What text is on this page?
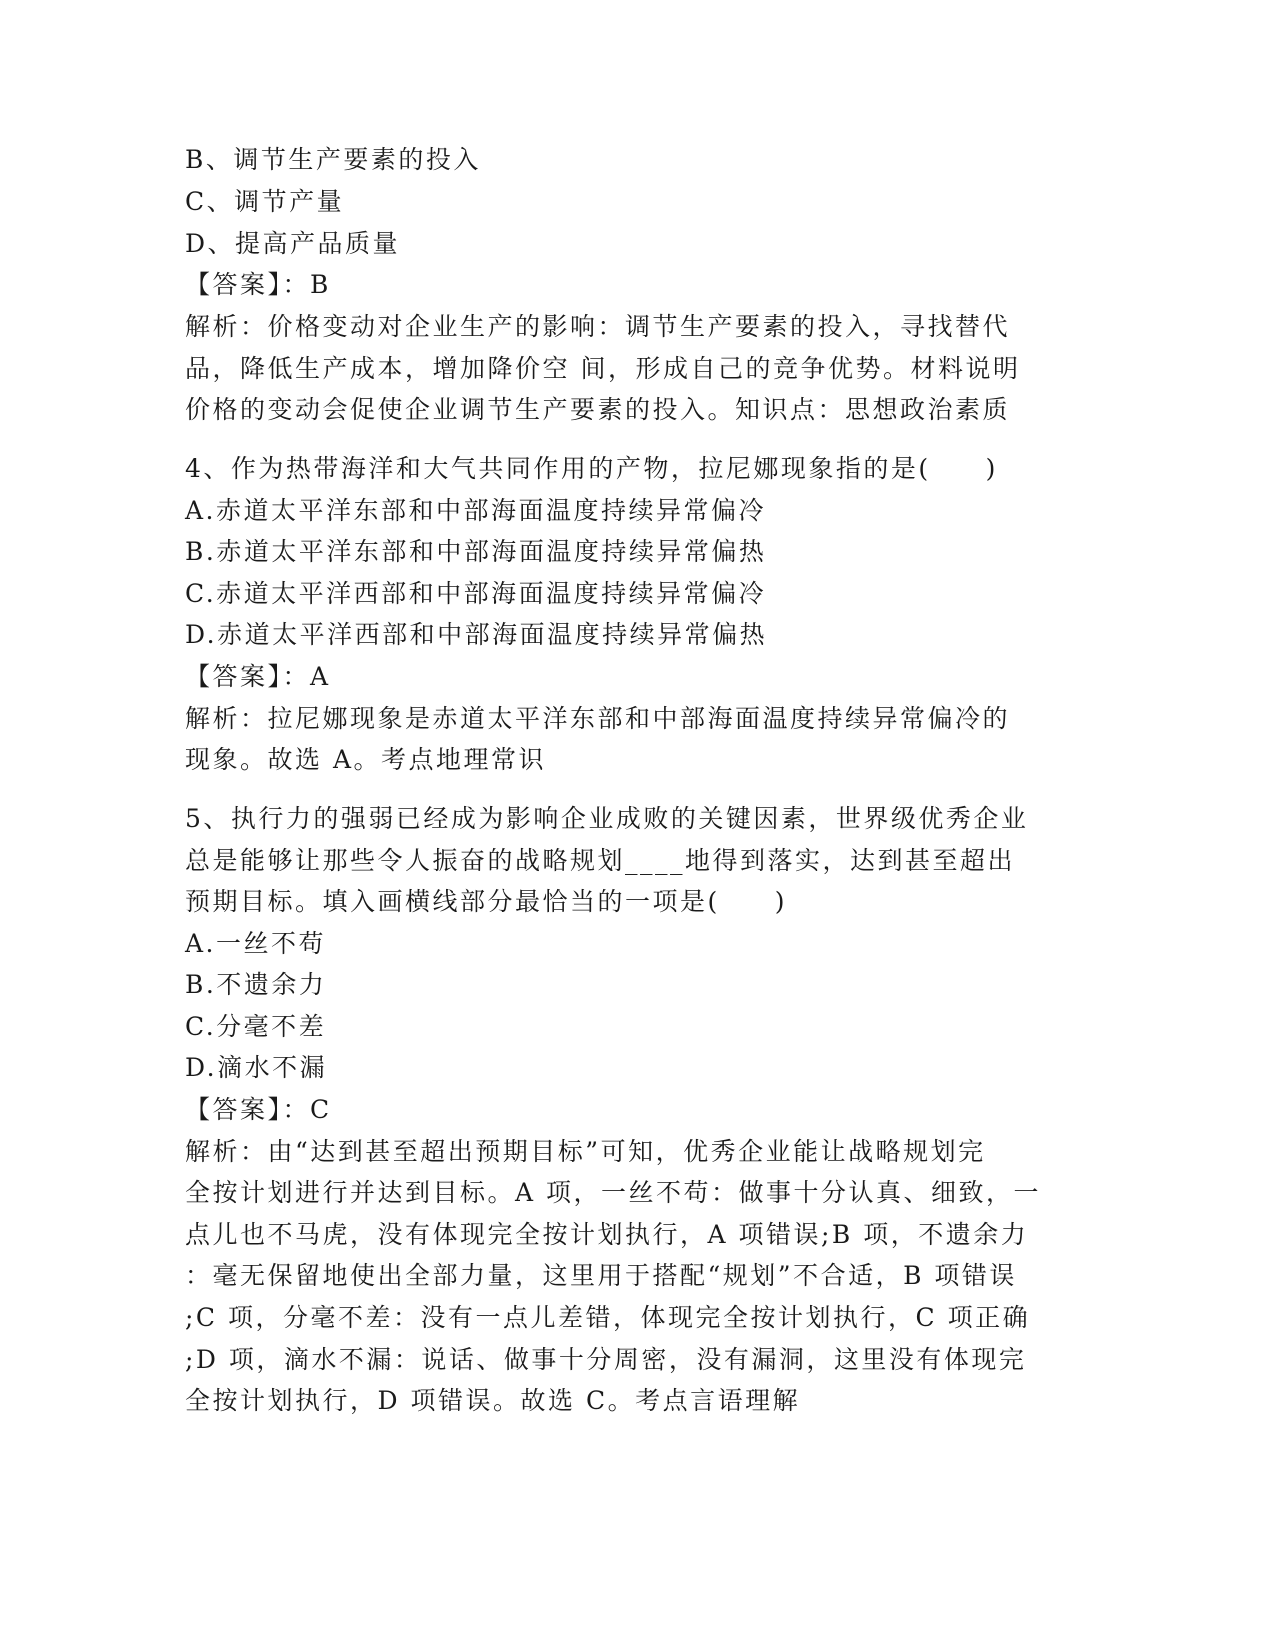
B、调节生产要素的投入
C、调节产量
D、提高产品质量
【答案】：B
解析：价格变动对企业生产的影响：调节生产要素的投入，寻找替代
品，降低生产成本，增加降价空 间，形成自己的竞争优势。材料说明
价格的变动会促使企业调节生产要素的投入。知识点：思想政治素质
4、作为热带海洋和大气共同作用的产物，拉尼娜现象指的是(　　)
A.赤道太平洋东部和中部海面温度持续异常偏冷
B.赤道太平洋东部和中部海面温度持续异常偏热
C.赤道太平洋西部和中部海面温度持续异常偏冷
D.赤道太平洋西部和中部海面温度持续异常偏热
【答案】：A
解析：拉尼娜现象是赤道太平洋东部和中部海面温度持续异常偏冷的
现象。故选 A。考点地理常识
5、执行力的强弱已经成为影响企业成败的关键因素，世界级优秀企业
总是能够让那些令人振奋的战略规划____地得到落实，达到甚至超出
预期目标。填入画横线部分最恰当的一项是(　　)
A.一丝不苟
B.不遗余力
C.分毫不差
D.滴水不漏
【答案】：C
解析：由“达到甚至超出预期目标”可知，优秀企业能让战略规划完
全按计划进行并达到目标。A 项，一丝不苟：做事十分认真、细致，一
点儿也不马虎，没有体现完全按计划执行，A 项错误;B 项，不遗余力
：毫无保留地使出全部力量，这里用于搭配“规划”不合适，B 项错误
;C 项，分毫不差：没有一点儿差错，体现完全按计划执行，C 项正确
;D 项，滴水不漏：说话、做事十分周密，没有漏洞，这里没有体现完
全按计划执行，D 项错误。故选 C。考点言语理解
